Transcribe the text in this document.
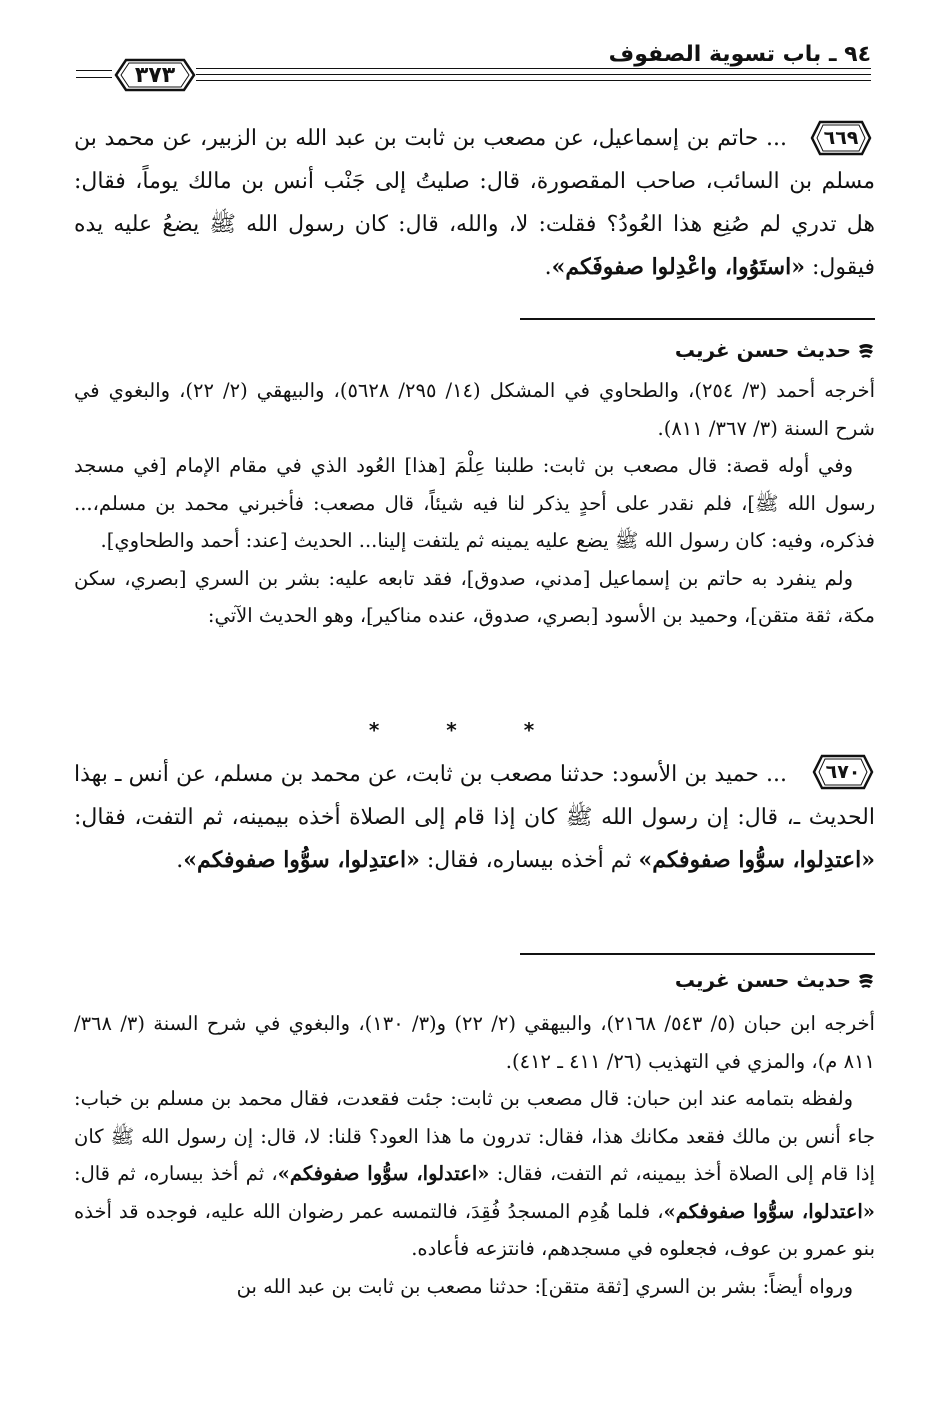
٩٤ ـ باب تسوية الصفوف
٣٧٣
٦٦٩
... حاتم بن إسماعيل، عن مصعب بن ثابت بن عبد الله بن الزبير، عن محمد بن مسلم بن السائب، صاحب المقصورة، قال: صليتُ إلى جَنْب أنس بن مالك يوماً، فقال: هل تدري لم صُنِع هذا العُودُ؟ فقلت: لا، والله، قال: كان رسول الله ﷺ يضعُ عليه يده فيقول: «استَوُوا، واعْدِلوا صفوفَكم».
حديث حسن غريب

أخرجه أحمد (٣/ ٢٥٤)، والطحاوي في المشكل (١٤/ ٢٩٥/ ٥٦٢٨)، والبيهقي (٢/ ٢٢)، والبغوي في شرح السنة (٣/ ٣٦٧/ ٨١١).

وفي أوله قصة: قال مصعب بن ثابت: طلبنا عِلْمَ [هذا] العُود الذي في مقام الإمام [في مسجد رسول الله ﷺ]، فلم نقدر على أحدٍ يذكر لنا فيه شيئاً، قال مصعب: فأخبرني محمد بن مسلم،... فذكره، وفيه: كان رسول الله ﷺ يضع عليه يمينه ثم يلتفت إلينا... الحديث [عند: أحمد والطحاوي].

ولم ينفرد به حاتم بن إسماعيل [مدني، صدوق]، فقد تابعه عليه: بشر بن السري [بصري، سكن مكة، ثقة متقن]، وحميد بن الأسود [بصري، صدوق، عنده مناكير]، وهو الحديث الآتي:

* * *
٦٧٠
... حميد بن الأسود: حدثنا مصعب بن ثابت، عن محمد بن مسلم، عن أنس ـ بهذا الحديث ـ، قال: إن رسول الله ﷺ كان إذا قام إلى الصلاة أخذه بيمينه، ثم التفت، فقال: «اعتدِلوا، سوُّوا صفوفكم» ثم أخذه بيساره، فقال: «اعتدِلوا، سوُّوا صفوفكم».
حديث حسن غريب

أخرجه ابن حبان (٥/ ٥٤٣/ ٢١٦٨)، والبيهقي (٢/ ٢٢) و(٣/ ١٣٠)، والبغوي في شرح السنة (٣/ ٣٦٨/ ٨١١ م)، والمزي في التهذيب (٢٦/ ٤١١ ـ ٤١٢).

ولفظه بتمامه عند ابن حبان: قال مصعب بن ثابت: جئت فقعدت، فقال محمد بن مسلم بن خباب: جاء أنس بن مالك فقعد مكانك هذا، فقال: تدرون ما هذا العود؟ قلنا: لا، قال: إن رسول الله ﷺ كان إذا قام إلى الصلاة أخذ بيمينه، ثم التفت، فقال: «اعتدلوا، سوُّوا صفوفكم»، ثم أخذ بيساره، ثم قال: «اعتدلوا، سوُّوا صفوفكم»، فلما هُدِم المسجدُ فُقِدَ، فالتمسه عمر رضوان الله عليه، فوجده قد أخذه بنو عمرو بن عوف، فجعلوه في مسجدهم، فانتزعه فأعاده.

ورواه أيضاً: بشر بن السري [ثقة متقن]: حدثنا مصعب بن ثابت بن عبد الله بن
